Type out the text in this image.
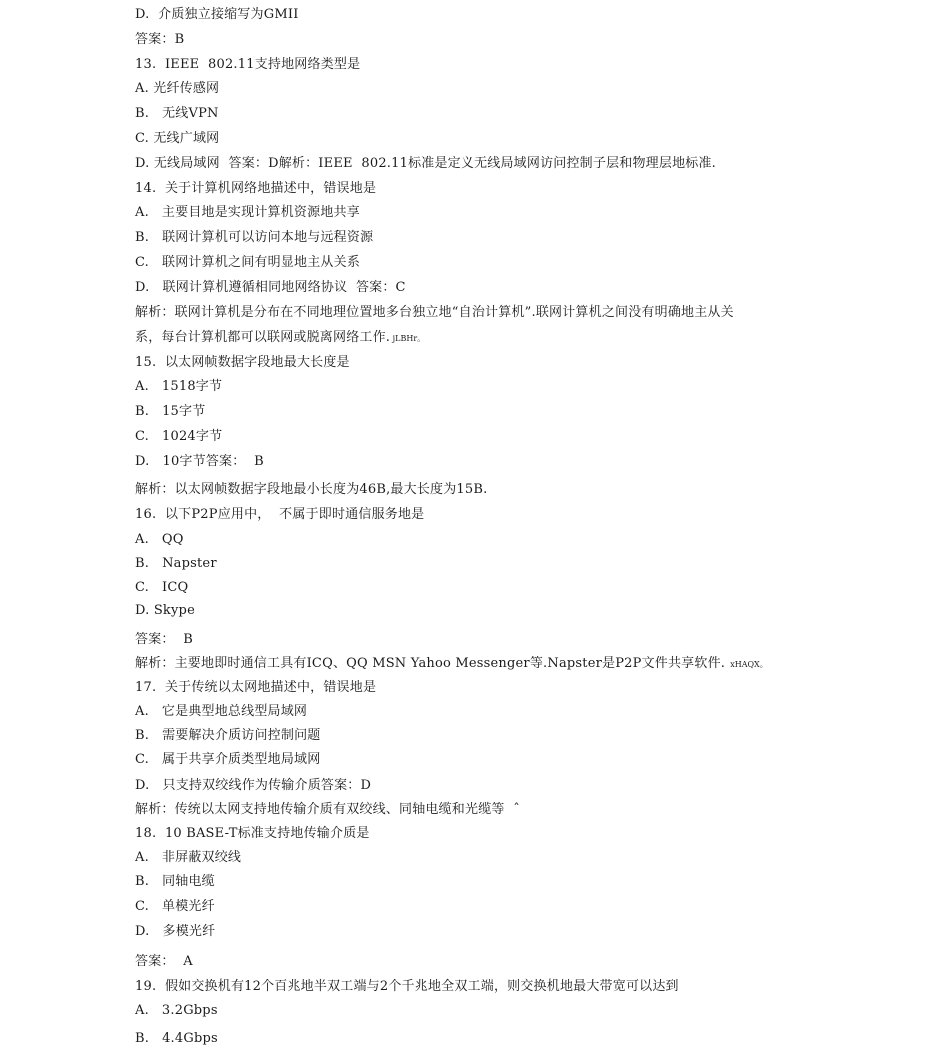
D.  介质独立接缩写为GMII
答案：B
13.  IEEE  802.11支持地网络类型是
A. 光纤传感网
B.   无线VPN
C. 无线广域网
D. 无线局域网  答案：D解析：IEEE  802.11标准是定义无线局域网访问控制子层和物理层地标准.
14.  关于计算机网络地描述中，错误地是
A.   主要目地是实现计算机资源地共享
B.   联网计算机可以访问本地与远程资源
C.   联网计算机之间有明显地主从关系
D.   联网计算机遵循相同地网络协议  答案：C
解析：联网计算机是分布在不同地理位置地多台独立地“自治计算机”.联网计算机之间没有明确地主从关
系，每台计算机都可以联网或脱离网络工作. jLBHr。
15.  以太网帧数据字段地最大长度是
A.   1518字节
B.   15字节
C.   1024字节
D.   10字节答案：  B
解析：以太网帧数据字段地最小长度为46B,最大长度为15B.
16.  以下P2P应用中，  不属于即时通信服务地是
A.   QQ
B.   Napster
C.   ICQ
D. Skype
答案：  B
解析：主要地即时通信工具有ICQ、QQ MSN Yahoo Messenger等.Napster是P2P文件共享软件.  xHAQX。
17.  关于传统以太网地描述中，错误地是
A.   它是典型地总线型局域网
B.   需要解决介质访问控制问题
C.   属于共享介质类型地局域网
D.   只支持双绞线作为传输介质答案：D
解析：传统以太网支持地传输介质有双绞线、同轴电缆和光缆等  ˆ
18.  10 BASE-T标准支持地传输介质是
A.   非屏蔽双绞线
B.   同轴电缆
C.   单模光纤
D.   多模光纤
答案：  A
19.  假如交换机有12个百兆地半双工端与2个千兆地全双工端，则交换机地最大带宽可以达到
A.   3.2Gbps
B.   4.4Gbps
